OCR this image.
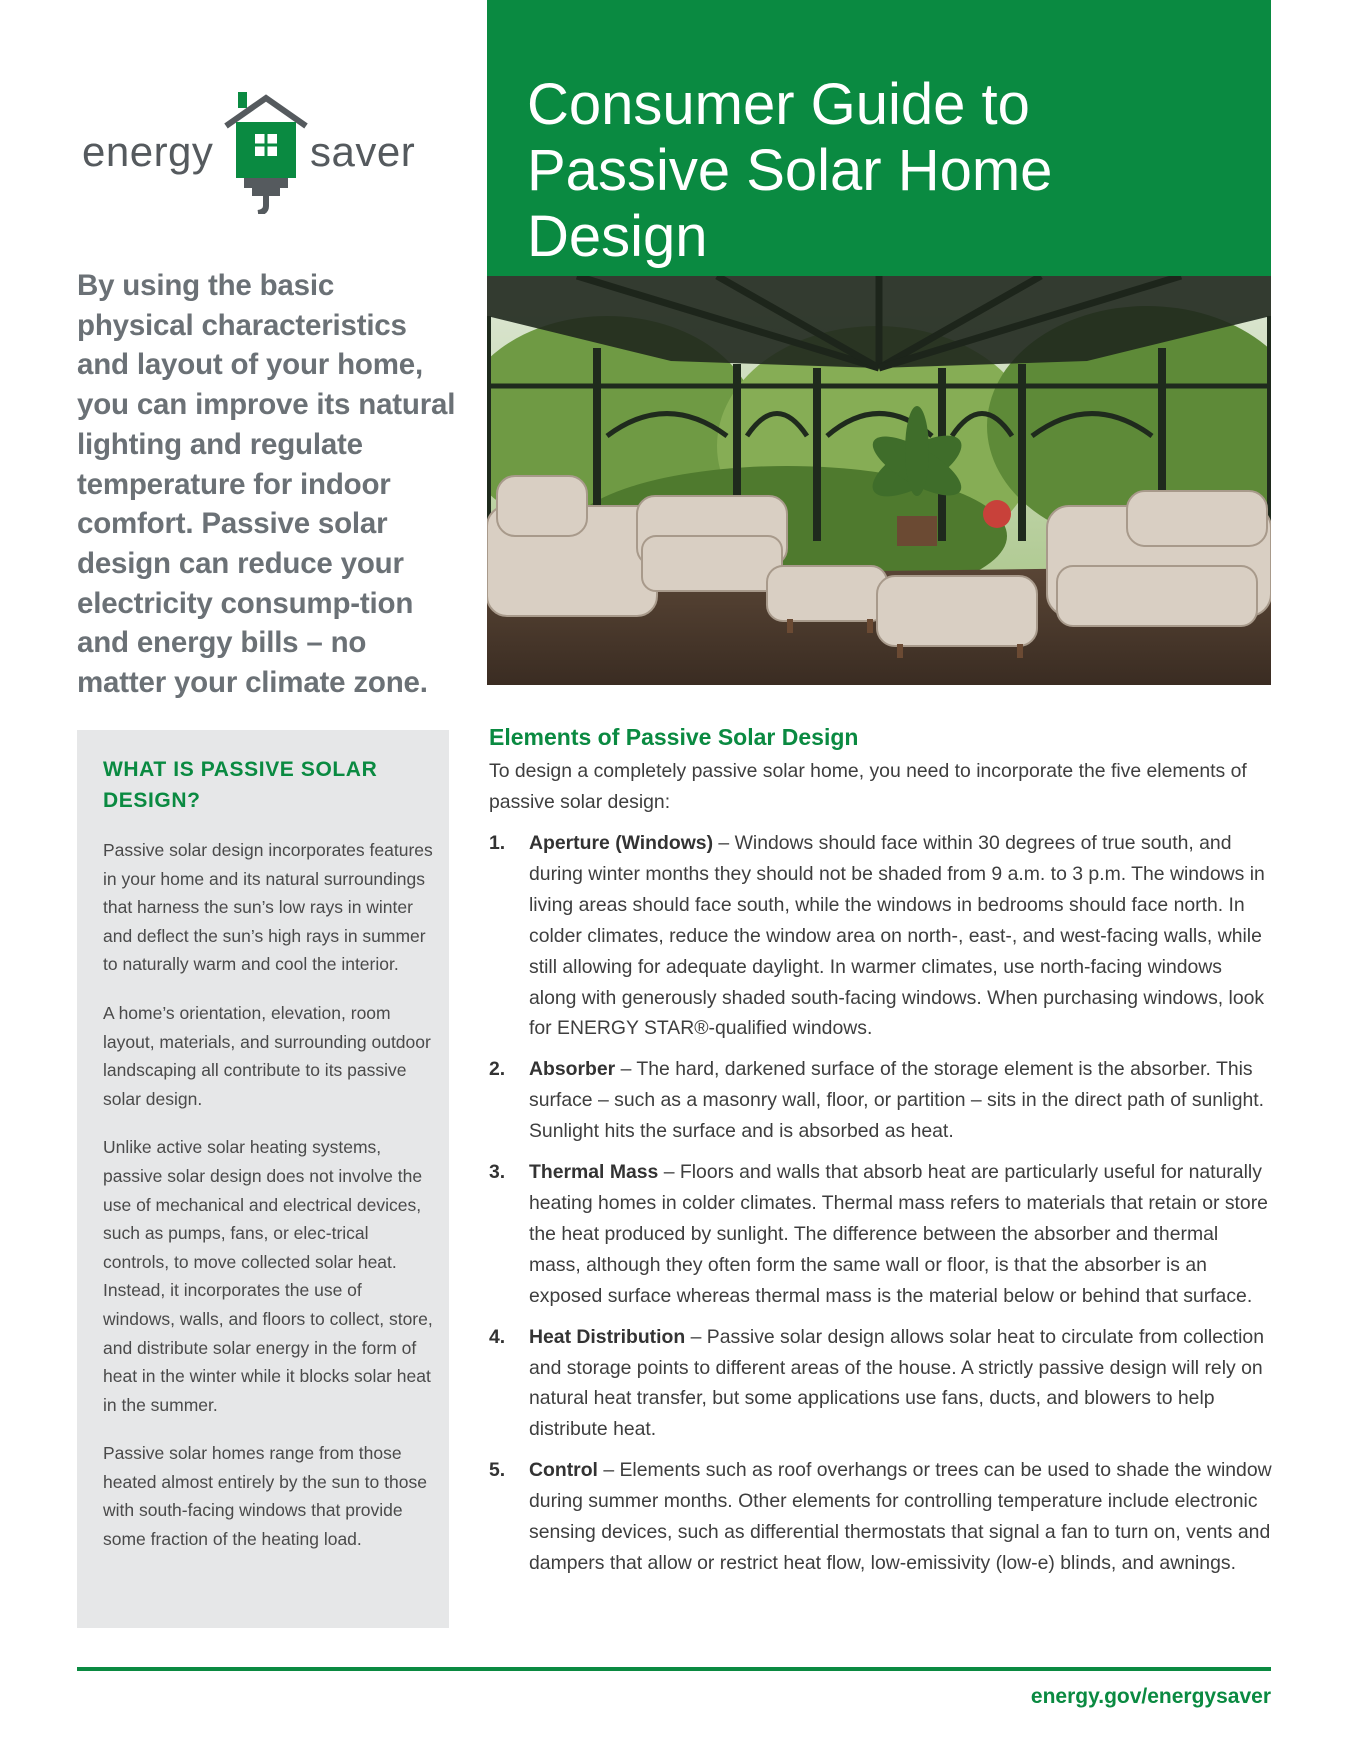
energy saver
Consumer Guide to Passive Solar Home Design
By using the basic physical characteristics and layout of your home, you can improve its natural lighting and regulate temperature for indoor comfort. Passive solar design can reduce your electricity consump-tion and energy bills – no matter your climate zone.
WHAT IS PASSIVE SOLAR DESIGN?

Passive solar design incorporates features in your home and its natural surroundings that harness the sun’s low rays in winter and deflect the sun’s high rays in summer to naturally warm and cool the interior.

A home’s orientation, elevation, room layout, materials, and surrounding outdoor landscaping all contribute to its passive solar design.

Unlike active solar heating systems, passive solar design does not involve the use of mechanical and electrical devices, such as pumps, fans, or elec-trical controls, to move collected solar heat. Instead, it incorporates the use of windows, walls, and floors to collect, store, and distribute solar energy in the form of heat in the winter while it blocks solar heat in the summer.

Passive solar homes range from those heated almost entirely by the sun to those with south-facing windows that provide some fraction of the heating load.

Elements of Passive Solar Design
To design a completely passive solar home, you need to incorporate the five elements of passive solar design:
1. Aperture (Windows) – Windows should face within 30 degrees of true south, and during winter months they should not be shaded from 9 a.m. to 3 p.m. The windows in living areas should face south, while the windows in bedrooms should face north. In colder climates, reduce the window area on north-, east-, and west-facing walls, while still allowing for adequate daylight. In warmer climates, use north-facing windows along with generously shaded south-facing windows. When purchasing windows, look for ENERGY STAR®-qualified windows.
2. Absorber – The hard, darkened surface of the storage element is the absorber. This surface – such as a masonry wall, floor, or partition – sits in the direct path of sunlight. Sunlight hits the surface and is absorbed as heat.
3. Thermal Mass – Floors and walls that absorb heat are particularly useful for naturally heating homes in colder climates. Thermal mass refers to materials that retain or store the heat produced by sunlight. The difference between the absorber and thermal mass, although they often form the same wall or floor, is that the absorber is an exposed surface whereas thermal mass is the material below or behind that surface.
4. Heat Distribution – Passive solar design allows solar heat to circulate from collection and storage points to different areas of the house. A strictly passive design will rely on natural heat transfer, but some applications use fans, ducts, and blowers to help distribute heat.
5. Control – Elements such as roof overhangs or trees can be used to shade the window during summer months. Other elements for controlling temperature include electronic sensing devices, such as differential thermostats that signal a fan to turn on, vents and dampers that allow or restrict heat flow, low-emissivity (low-e) blinds, and awnings.
energy.gov/energysaver
